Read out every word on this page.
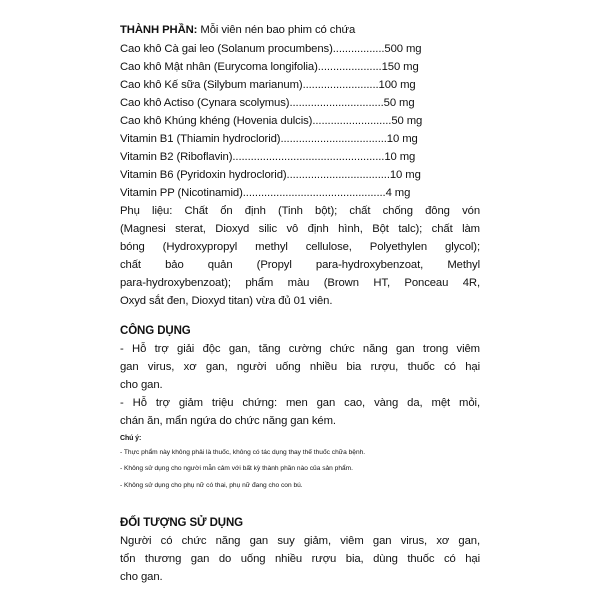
THÀNH PHẦN: Mỗi viên nén bao phim có chứa
Cao khô Cà gai leo (Solanum procumbens).................500 mg
Cao khô Mật nhân (Eurycoma longifolia).....................150 mg
Cao khô Kế sữa (Silybum marianum).........................100 mg
Cao khô Actiso (Cynara scolymus)...............................50 mg
Cao khô Khúng khéng (Hovenia dulcis)..........................50 mg
Vitamin B1 (Thiamin hydroclorid)...................................10 mg
Vitamin B2 (Riboflavin)..................................................10 mg
Vitamin B6 (Pyridoxin hydroclorid)..................................10 mg
Vitamin PP (Nicotinamid)...............................................4 mg
Phụ liệu: Chất ổn định (Tinh bột); chất chống đông vón
(Magnesi sterat, Dioxyd silic vô định hình, Bột talc); chất làm
bóng (Hydroxypropyl methyl cellulose, Polyethylen glycol);
chất bảo quản (Propyl para-hydroxybenzoat, Methyl
para-hydroxybenzoat); phẩm màu (Brown HT, Ponceau 4R,
Oxyd sắt đen, Dioxyd titan) vừa đủ 01 viên.
CÔNG DỤNG
- Hỗ trợ giải độc gan, tăng cường chức năng gan trong viêm
gan virus, xơ gan, người uống nhiều bia rượu, thuốc có hại
cho gan.
- Hỗ trợ giảm triệu chứng: men gan cao, vàng da, mệt mỏi,
chán ăn, mẩn ngứa do chức năng gan kém.
Chú ý:
- Thực phẩm này không phải là thuốc, không có tác dụng thay thế thuốc chữa bệnh.
- Không sử dụng cho người mẫn cảm với bất kỳ thành phần nào của sản phẩm.
- Không sử dụng cho phụ nữ có thai, phụ nữ đang cho con bú.
ĐỐI TƯỢNG SỬ DỤNG
Người có chức năng gan suy giảm, viêm gan virus, xơ gan,
tổn thương gan do uống nhiều rượu bia, dùng thuốc có hại
cho gan.
